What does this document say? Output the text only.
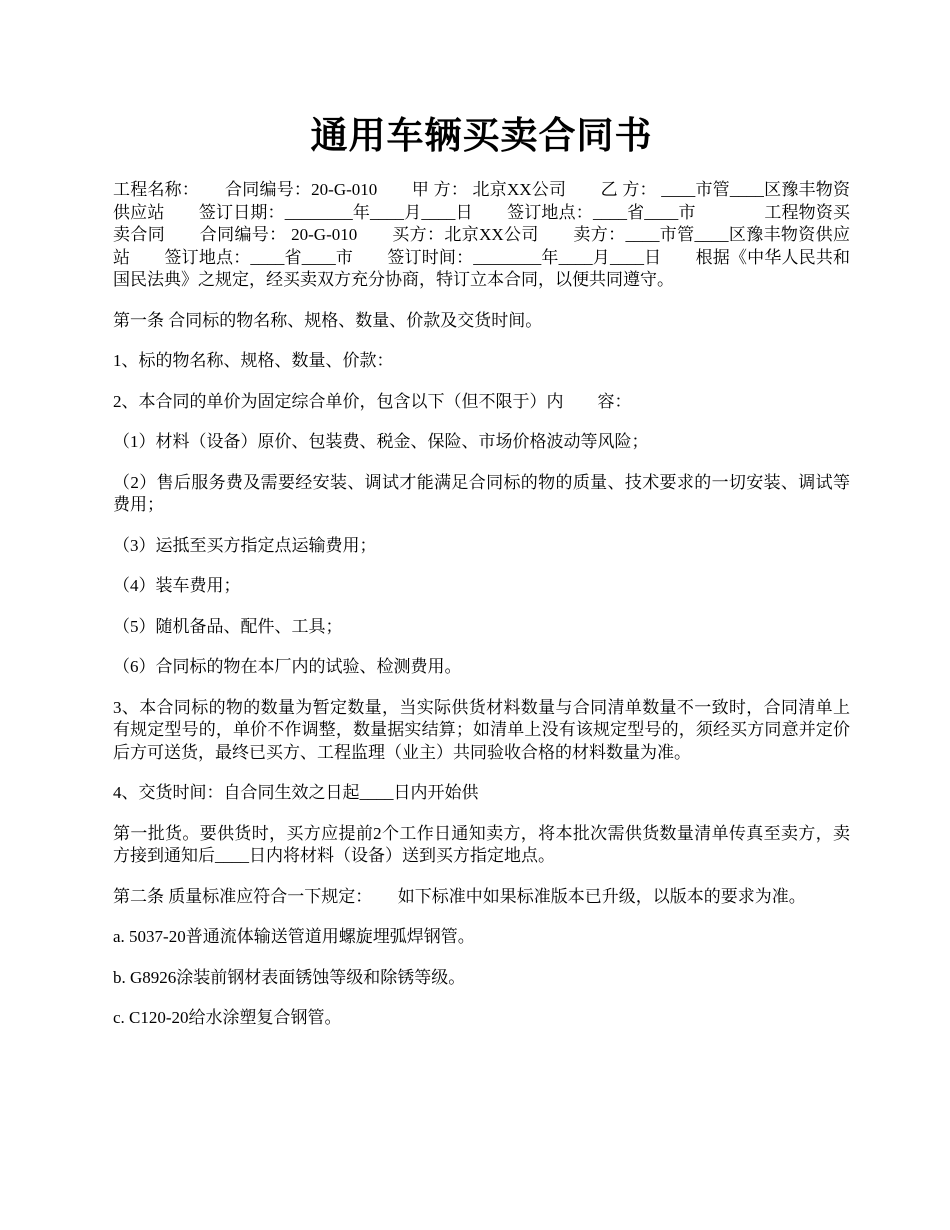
通用车辆买卖合同书

工程名称：　　合同编号：20-G-010　　甲 方： 北京XX公司　　乙 方： ____市管____区豫丰物资供应站　　签订日期：________年____月____日　　签订地点：____省____市　　　　工程物资买卖合同　　合同编号： 20-G-010　　买方：北京XX公司　　卖方：____市管____区豫丰物资供应站　　签订地点：____省____市　　签订时间：________年____月____日　　根据《中华人民共和国民法典》之规定，经买卖双方充分协商，特订立本合同，以便共同遵守。

第一条 合同标的物名称、规格、数量、价款及交货时间。

1、标的物名称、规格、数量、价款：

2、本合同的单价为固定综合单价，包含以下（但不限于）内　　容：

（1）材料（设备）原价、包装费、税金、保险、市场价格波动等风险；

（2）售后服务费及需要经安装、调试才能满足合同标的物的质量、技术要求的一切安装、调试等费用；

（3）运抵至买方指定点运输费用；

（4）装车费用；

（5）随机备品、配件、工具；

（6）合同标的物在本厂内的试验、检测费用。

3、本合同标的物的数量为暂定数量，当实际供货材料数量与合同清单数量不一致时，合同清单上有规定型号的，单价不作调整，数量据实结算；如清单上没有该规定型号的，须经买方同意并定价后方可送货，最终已买方、工程监理（业主）共同验收合格的材料数量为准。

4、交货时间：自合同生效之日起____日内开始供

第一批货。要供货时，买方应提前2个工作日通知卖方，将本批次需供货数量清单传真至卖方，卖方接到通知后____日内将材料（设备）送到买方指定地点。

第二条 质量标准应符合一下规定：　　如下标准中如果标准版本已升级，以版本的要求为准。

a. 5037-20普通流体输送管道用螺旋埋弧焊钢管。

b. G8926涂装前钢材表面锈蚀等级和除锈等级。

c. C120-20给水涂塑复合钢管。
